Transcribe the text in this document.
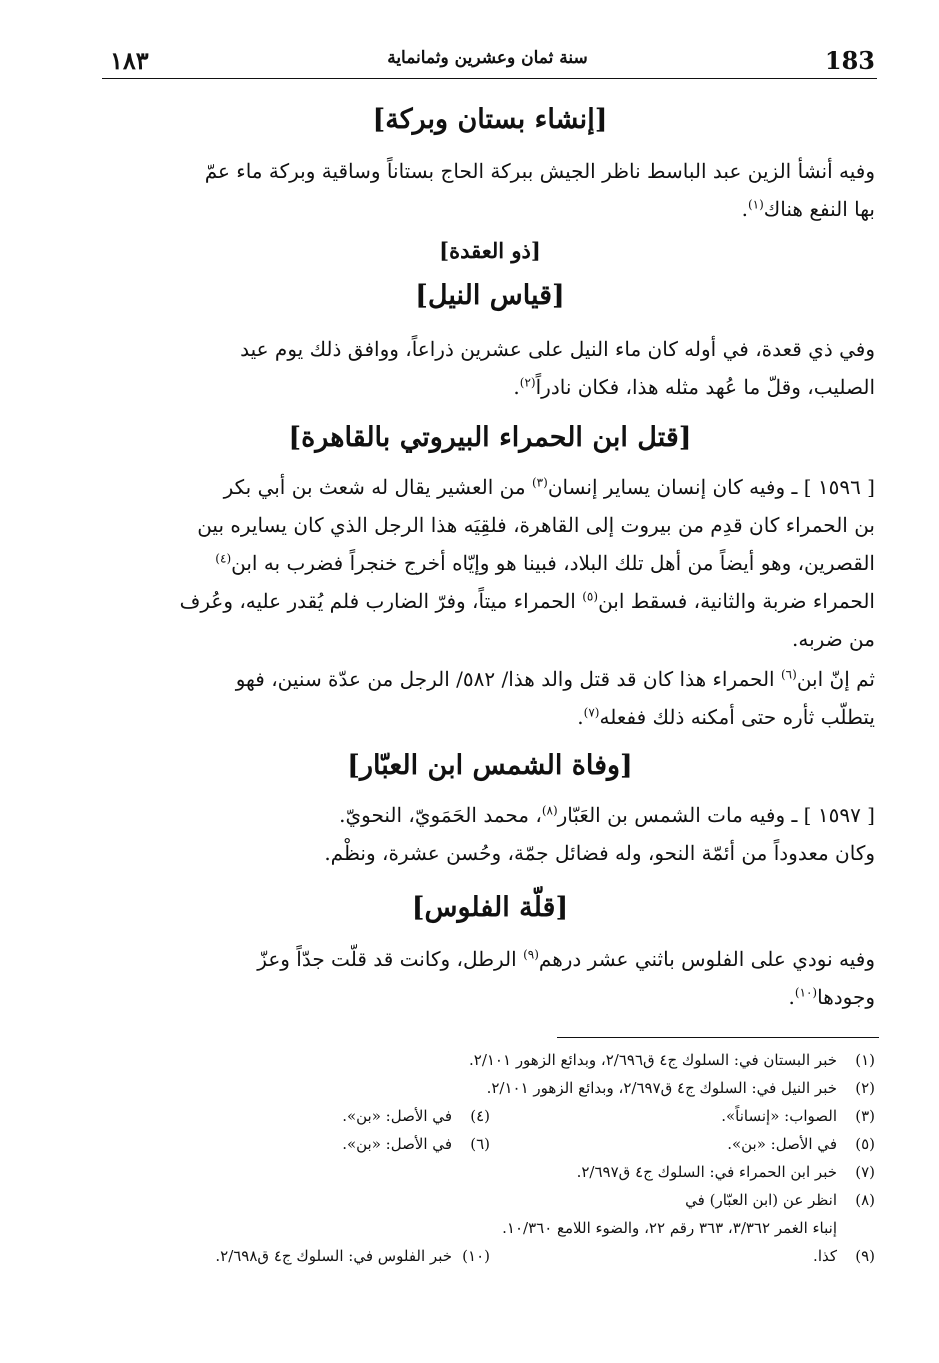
١٨٣	سنة ثمان وعشرين وثمانماية	183
[إنشاء بستان وبركة]

وفيه أنشأ الزين عبد الباسط ناظر الجيش ببركة الحاج بستاناً وساقية وبركة ماء عمّ

بها النفع هناك$^{(١)}$.

[ذو العقدة]
[قياس النيل]

وفي ذي قعدة، في أوله كان ماء النيل على عشرين ذراعاً، ووافق ذلك يوم عيد

الصليب، وقلّ ما عُهد مثله هذا، فكان نادراً$^{(٢)}$.

[قتل ابن الحمراء البيروتي بالقاهرة]

[ ١٥٩٦ ] ـ وفيه كان إنسان يساير إنسان$^{(٣)}$ من العشير يقال له شعث بن أبي بكر

بن الحمراء كان قدِم من بيروت إلى القاهرة، فلقِيَه هذا الرجل الذي كان يسايره بين

القصرين، وهو أيضاً من أهل تلك البلاد، فبينا هو وإيّاه أخرج خنجراً فضرب به ابن$^{(٤)}$

الحمراء ضربة والثانية، فسقط ابن$^{(٥)}$ الحمراء ميتاً، وفرّ الضارب فلم يُقدر عليه، وعُرف

من ضربه.

ثم إنّ ابن$^{(٦)}$ الحمراء هذا كان قد قتل والد هذا/ ٥٨٢/ الرجل من عدّة سنين، فهو

يتطلّب ثأره حتى أمكنه ذلك ففعله$^{(٧)}$.

[وفاة الشمس ابن العبّار]

[ ١٥٩٧ ] ـ وفيه مات الشمس بن العَبّار$^{(٨)}$، محمد الحَمَويّ، النحويّ.

وكان معدوداً من أئمّة النحو، وله فضائل جمّة، وحُسن عشرة، ونظْم.

[قلّة الفلوس]

وفيه نودي على الفلوس باثني عشر درهم$^{(٩)}$ الرطل، وكانت قد قلّت جدّاً وعزّ

وجودها$^{(١٠)}$.

(١)
خبر البستان في: السلوك ج٤ ق٢/٦٩٦، وبدائع الزهور ٢/١٠١.
(٢)
خبر النيل في: السلوك ج٤ ق٢/٦٩٧، وبدائع الزهور ٢/١٠١.
(٣)
الصواب: «إنساناً».
(٤)
في الأصل: «بن».
(٥)
في الأصل: «بن».
(٦)
في الأصل: «بن».
(٧)
خبر ابن الحمراء في: السلوك ج٤ ق٢/٦٩٧.
(٨)
انظر عن (ابن العبّار) في
إنباء الغمر ٣/٣٦٢، ٣٦٣ رقم ٢٢، والضوء اللامع ١٠/٣٦٠.
(٩)
كذا.
(١٠)
خبر الفلوس في: السلوك ج٤ ق٢/٦٩٨.
